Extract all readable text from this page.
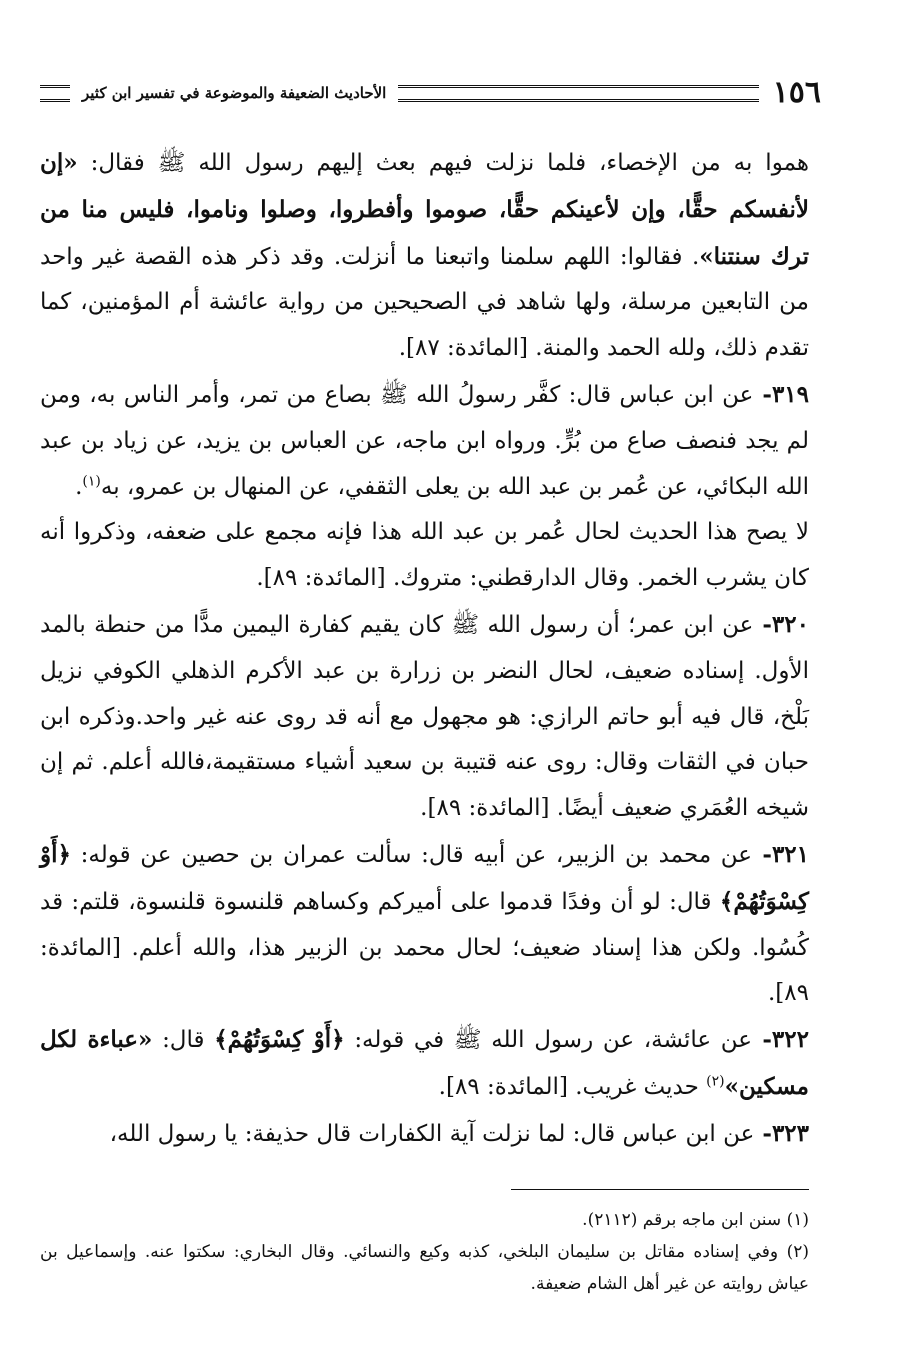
١٥٦
الأحاديث الضعيفة والموضوعة في تفسير ابن كثير

هموا به من الإخصاء، فلما نزلت فيهم بعث إليهم رسول الله ﷺ فقال: «إن لأنفسكم حقًّا، وإن لأعينكم حقًّا، صوموا وأفطروا، وصلوا وناموا، فليس منا من ترك سنتنا». فقالوا: اللهم سلمنا واتبعنا ما أنزلت. وقد ذكر هذه القصة غير واحد من التابعين مرسلة، ولها شاهد في الصحيحين من رواية عائشة أم المؤمنين، كما تقدم ذلك، ولله الحمد والمنة. [المائدة: ٨٧].

٣١٩- عن ابن عباس قال: كفَّر رسولُ الله ﷺ بصاع من تمر، وأمر الناس به، ومن لم يجد فنصف صاع من بُرٍّ. ورواه ابن ماجه، عن العباس بن يزيد، عن زياد بن عبد الله البكائي، عن عُمر بن عبد الله بن يعلى الثقفي، عن المنهال بن عمرو، به$^{(١)}$.

لا يصح هذا الحديث لحال عُمر بن عبد الله هذا فإنه مجمع على ضعفه، وذكروا أنه كان يشرب الخمر. وقال الدارقطني: متروك. [المائدة: ٨٩].

٣٢٠- عن ابن عمر؛ أن رسول الله ﷺ كان يقيم كفارة اليمين مدًّا من حنطة بالمد الأول. إسناده ضعيف، لحال النضر بن زرارة بن عبد الأكرم الذهلي الكوفي نزيل بَلْخ، قال فيه أبو حاتم الرازي: هو مجهول مع أنه قد روى عنه غير واحد.وذكره ابن حبان في الثقات وقال: روى عنه قتيبة بن سعيد أشياء مستقيمة،فالله أعلم. ثم إن شيخه العُمَري ضعيف أيضًا. [المائدة: ٨٩].

٣٢١- عن محمد بن الزبير، عن أبيه قال: سألت عمران بن حصين عن قوله: ﴿أَوْ كِسْوَتُهُمْ﴾ قال: لو أن وفدًا قدموا على أميركم وكساهم قلنسوة قلنسوة، قلتم: قد كُسُوا. ولكن هذا إسناد ضعيف؛ لحال محمد بن الزبير هذا، والله أعلم. [المائدة: ٨٩].

٣٢٢- عن عائشة، عن رسول الله ﷺ في قوله: ﴿أَوْ كِسْوَتُهُمْ﴾ قال: «عباءة لكل مسكين»$^{(٢)}$ حديث غريب. [المائدة: ٨٩].

٣٢٣- عن ابن عباس قال: لما نزلت آية الكفارات قال حذيفة: يا رسول الله،

(١) سنن ابن ماجه برقم (٢١١٢).

(٢) وفي إسناده مقاتل بن سليمان البلخي، كذبه وكيع والنسائي. وقال البخاري: سكتوا عنه. وإسماعيل بن عياش روايته عن غير أهل الشام ضعيفة.
